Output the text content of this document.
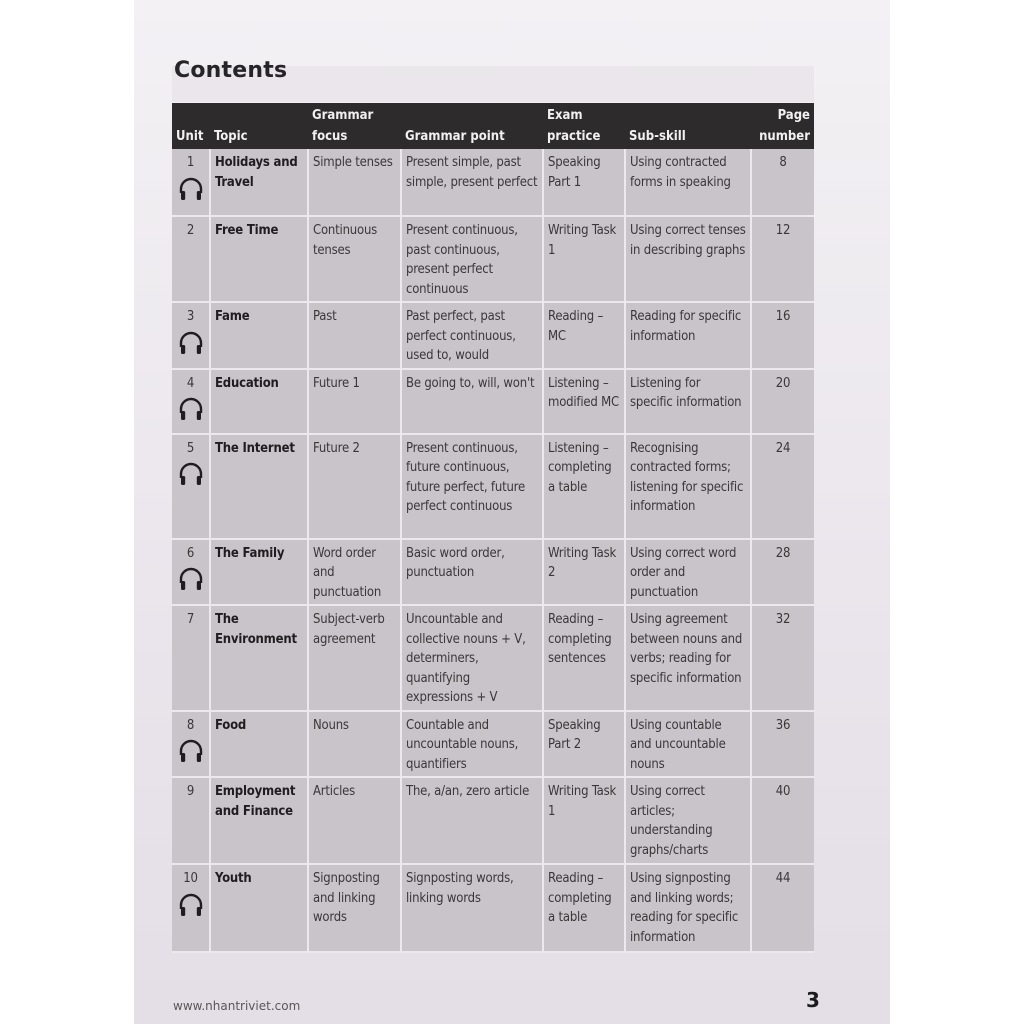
Contents
Unit	Topic	Grammar focus	Grammar point	Exam practice	Sub-skill	Page number

1	Holidays and Travel	Simple tenses	Present simple, past simple, present perfect	Speaking Part 1	Using contracted forms in speaking	8

2	Free Time	Continuous tenses	Present continuous, past continuous, present perfect continuous	Writing Task 1	Using correct tenses in describing graphs	12

3	Fame	Past	Past perfect, past perfect continuous, used to, would	Reading – MC	Reading for specific information	16

4	Education	Future 1	Be going to, will, won't	Listening – modified MC	Listening for specific information	20

5	The Internet	Future 2	Present continuous, future continuous, future perfect, future perfect continuous	Listening – completing a table	Recognising contracted forms; listening for specific information	24

6	The Family	Word order and punctuation	Basic word order, punctuation	Writing Task 2	Using correct word order and punctuation	28

7	The Environment	Subject-verb agreement	Uncountable and collective nouns + V, determiners, quantifying expressions + V	Reading – completing sentences	Using agreement between nouns and verbs; reading for specific information	32

8	Food	Nouns	Countable and uncountable nouns, quantifiers	Speaking Part 2	Using countable and uncountable nouns	36

9	Employment and Finance	Articles	The, a/an, zero article	Writing Task 1	Using correct articles; understanding graphs/charts	40

10	Youth	Signposting and linking words	Signposting words, linking words	Reading – completing a table	Using signposting and linking words; reading for specific information	44
www.nhantriviet.com	3
